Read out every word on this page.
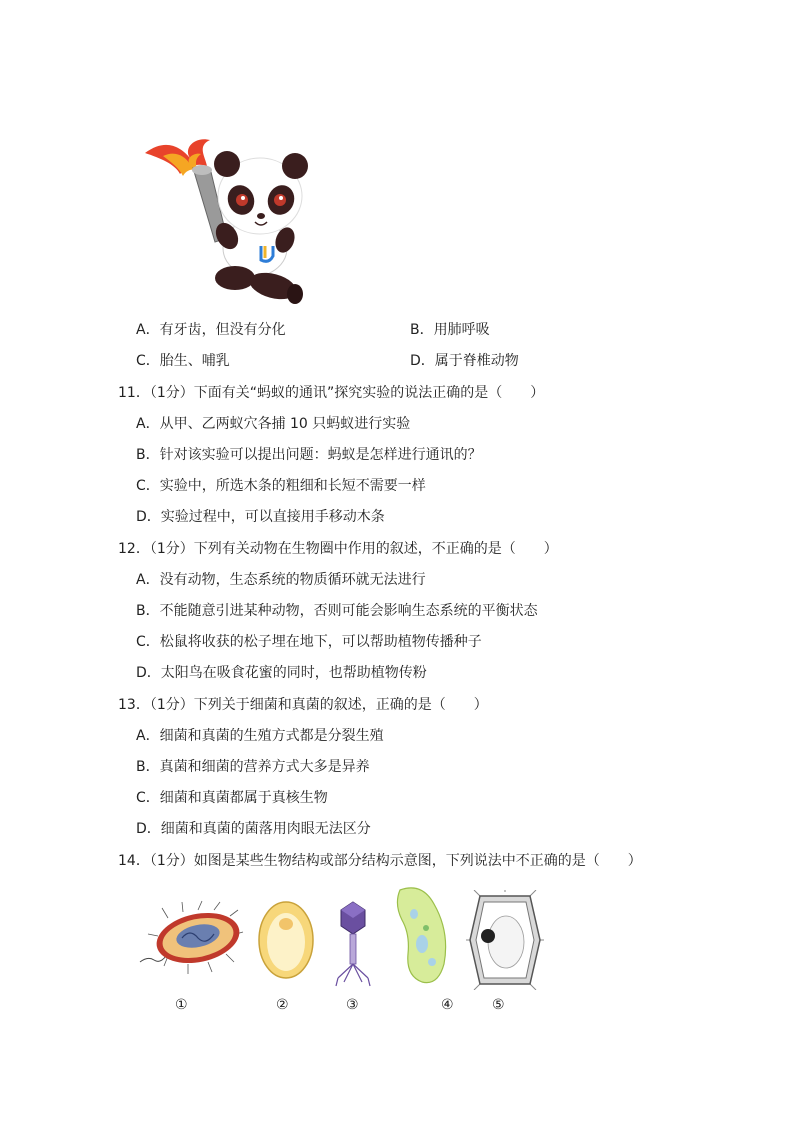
A．有牙齿，但没有分化	B．用肺呼吸
C．胎生、哺乳	D．属于脊椎动物
11．（1分）下面有关“蚂蚁的通讯”探究实验的说法正确的是（　　）
A．从甲、乙两蚁穴各捕 10 只蚂蚁进行实验
B．针对该实验可以提出问题：蚂蚁是怎样进行通讯的？
C．实验中，所选木条的粗细和长短不需要一样
D．实验过程中，可以直接用手移动木条
12．（1分）下列有关动物在生物圈中作用的叙述，不正确的是（　　）
A．没有动物，生态系统的物质循环就无法进行
B．不能随意引进某种动物，否则可能会影响生态系统的平衡状态
C．松鼠将收获的松子埋在地下，可以帮助植物传播种子
D．太阳鸟在吸食花蜜的同时，也帮助植物传粉
13．（1分）下列关于细菌和真菌的叙述，正确的是（　　）
A．细菌和真菌的生殖方式都是分裂生殖
B．真菌和细菌的营养方式大多是异养
C．细菌和真菌都属于真核生物
D．细菌和真菌的菌落用肉眼无法区分
14．（1分）如图是某些生物结构或部分结构示意图，下列说法中不正确的是（　　）
①	②	③	④	⑤
